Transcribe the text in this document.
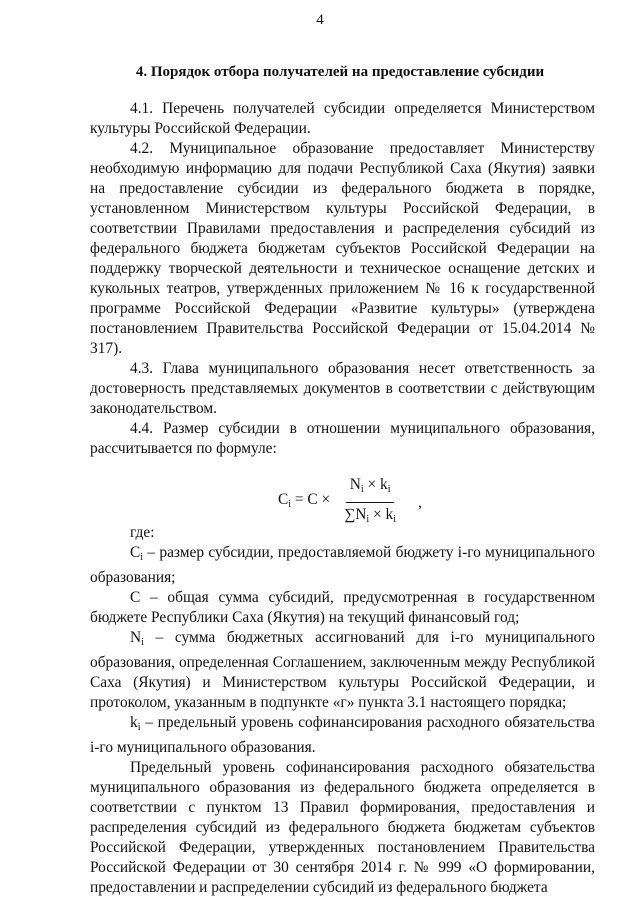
4
4. Порядок отбора получателей на предоставление субсидии

4.1. Перечень получателей субсидии определяется Министерством культуры Российской Федерации.

4.2. Муниципальное образование предоставляет Министерству необходимую информацию для подачи Республикой Саха (Якутия) заявки на предоставление субсидии из федерального бюджета в порядке, установленном Министерством культуры Российской Федерации, в соответствии Правилами предоставления и распределения субсидий из федерального бюджета бюджетам субъектов Российской Федерации на поддержку творческой деятельности и техническое оснащение детских и кукольных театров, утвержденных приложением № 16 к государственной программе Российской Федерации «Развитие культуры» (утверждена постановлением Правительства Российской Федерации от 15.04.2014 № 317).

4.3. Глава муниципального образования несет ответственность за достоверность представляемых документов в соответствии с действующим законодательством.

4.4. Размер субсидии в отношении муниципального образования, рассчитывается по формуле:

$C_i = C \times \frac{N_i \times k_i}{\sum N_i \times k_i}$ ,

где:

$C_i$ – размер субсидии, предоставляемой бюджету i-го муниципального образования;

C – общая сумма субсидий, предусмотренная в государственном бюджете Республики Саха (Якутия) на текущий финансовый год;

$N_i$ – сумма бюджетных ассигнований для i-го муниципального образования, определенная Соглашением, заключенным между Республикой Саха (Якутия) и Министерством культуры Российской Федерации, и протоколом, указанным в подпункте «г» пункта 3.1 настоящего порядка;

$k_i$ – предельный уровень софинансирования расходного обязательства i-го муниципального образования.

Предельный уровень софинансирования расходного обязательства муниципального образования из федерального бюджета определяется в соответствии с пунктом 13 Правил формирования, предоставления и распределения субсидий из федерального бюджета бюджетам субъектов Российской Федерации, утвержденных постановлением Правительства Российской Федерации от 30 сентября 2014 г. № 999 «О формировании, предоставлении и распределении субсидий из федерального бюджета
